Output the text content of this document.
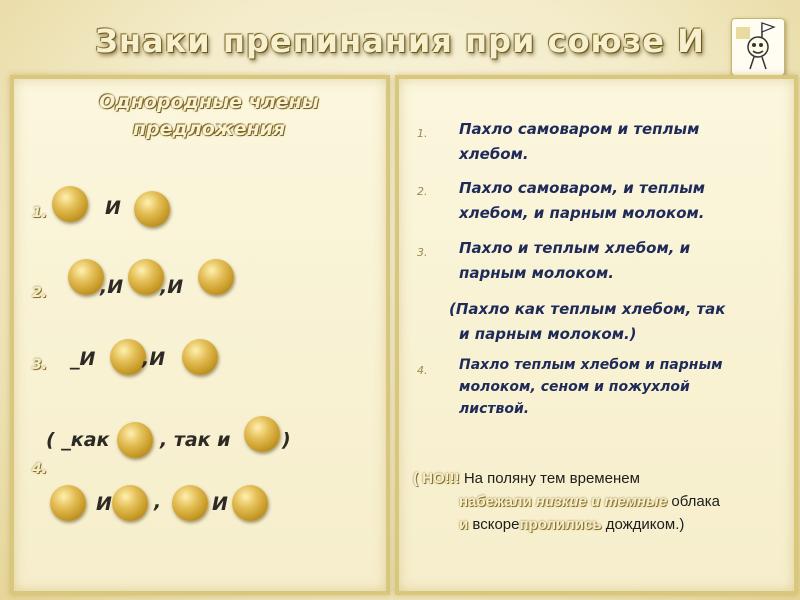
Знаки препинания при союзе И
Однородные члены
предложения
1.	И
2.	,И ,И
3. _И ,И
( _как	, так и	)
4.
И ,	И
1. Пахло самоваром и теплым
хлебом.
2. Пахло самоваром, и теплым
хлебом, и парным молоком.
3. Пахло и теплым хлебом, и
парным молоком.
(Пахло как теплым хлебом, так
и парным молоком.)
4. Пахло теплым хлебом и парным
молоком, сеном и пожухлой
листвой.
( НО!!! На поляну тем временем
набежали низкие и темные облака
и вскорепролились дождиком.)
